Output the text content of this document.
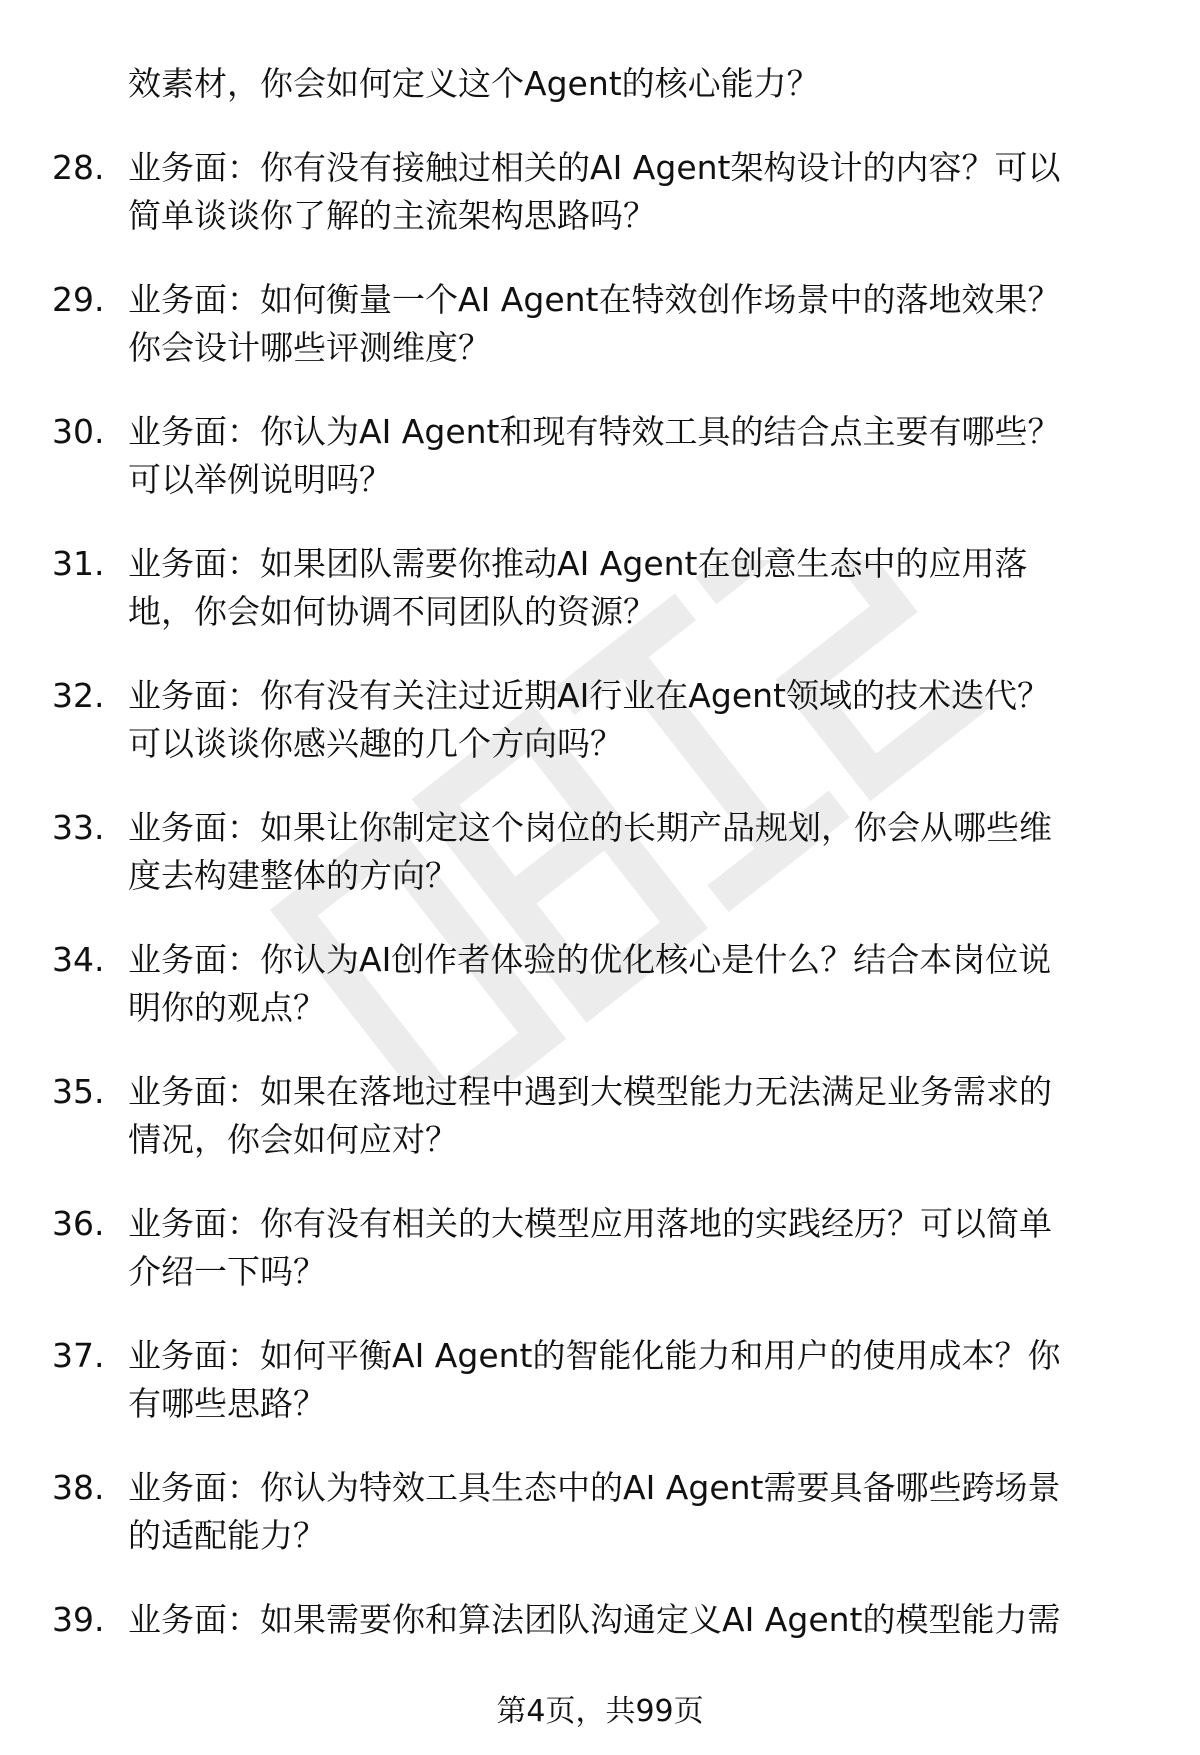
效素材，你会如何定义这个Agent的核心能力？
28. 业务面：你有没有接触过相关的AI Agent架构设计的内容？可以
简单谈谈你了解的主流架构思路吗？
29. 业务面：如何衡量一个AI Agent在特效创作场景中的落地效果？
你会设计哪些评测维度？
30. 业务面：你认为AI Agent和现有特效工具的结合点主要有哪些？
可以举例说明吗？
31. 业务面：如果团队需要你推动AI Agent在创意生态中的应用落
地，你会如何协调不同团队的资源？
32. 业务面：你有没有关注过近期AI行业在Agent领域的技术迭代？
可以谈谈你感兴趣的几个方向吗？
33. 业务面：如果让你制定这个岗位的长期产品规划，你会从哪些维
度去构建整体的方向？
34. 业务面：你认为AI创作者体验的优化核心是什么？结合本岗位说
明你的观点？
35. 业务面：如果在落地过程中遇到大模型能力无法满足业务需求的
情况，你会如何应对？
36. 业务面：你有没有相关的大模型应用落地的实践经历？可以简单
介绍一下吗？
37. 业务面：如何平衡AI Agent的智能化能力和用户的使用成本？你
有哪些思路？
38. 业务面：你认为特效工具生态中的AI Agent需要具备哪些跨场景
的适配能力？
39. 业务面：如果需要你和算法团队沟通定义AI Agent的模型能力需
第4页，共99页
